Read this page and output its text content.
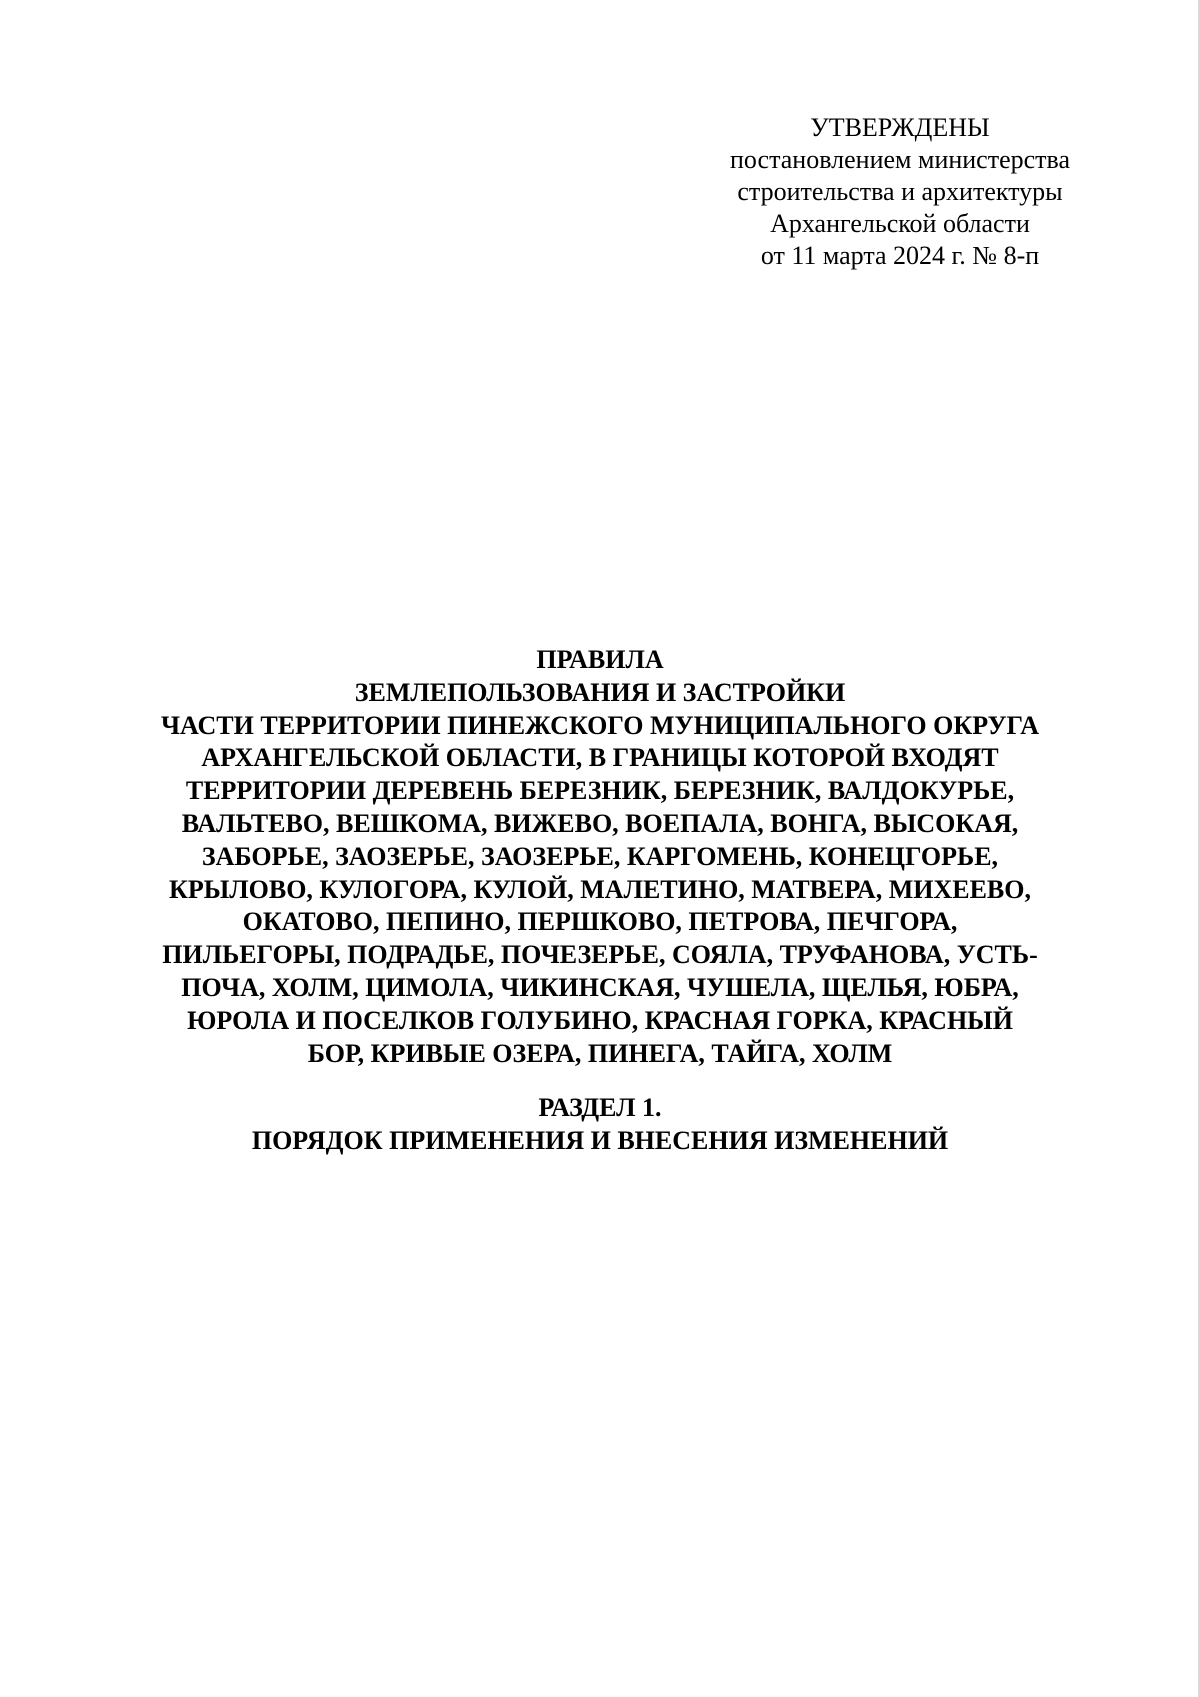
УТВЕРЖДЕНЫ
постановлением министерства
строительства и архитектуры
Архангельской области
от 11 марта 2024 г. № 8-п
ПРАВИЛА
ЗЕМЛЕПОЛЬЗОВАНИЯ И ЗАСТРОЙКИ
ЧАСТИ ТЕРРИТОРИИ ПИНЕЖСКОГО МУНИЦИПАЛЬНОГО ОКРУГА
АРХАНГЕЛЬСКОЙ ОБЛАСТИ, В ГРАНИЦЫ КОТОРОЙ ВХОДЯТ
ТЕРРИТОРИИ ДЕРЕВЕНЬ БЕРЕЗНИК, БЕРЕЗНИК, ВАЛДОКУРЬЕ,
ВАЛЬТЕВО, ВЕШКОМА, ВИЖЕВО, ВОЕПАЛА, ВОНГА, ВЫСОКАЯ,
ЗАБОРЬЕ, ЗАОЗЕРЬЕ, ЗАОЗЕРЬЕ, КАРГОМЕНЬ, КОНЕЦГОРЬЕ,
КРЫЛОВО, КУЛОГОРА, КУЛОЙ, МАЛЕТИНО, МАТВЕРА, МИХЕЕВО,
ОКАТОВО, ПЕПИНО, ПЕРШКОВО, ПЕТРОВА, ПЕЧГОРА,
ПИЛЬЕГОРЫ, ПОДРАДЬЕ, ПОЧЕЗЕРЬЕ, СОЯЛА, ТРУФАНОВА, УСТЬ-
ПОЧА, ХОЛМ, ЦИМОЛА, ЧИКИНСКАЯ, ЧУШЕЛА, ЩЕЛЬЯ, ЮБРА,
ЮРОЛА И ПОСЕЛКОВ ГОЛУБИНО, КРАСНАЯ ГОРКА, КРАСНЫЙ
БОР, КРИВЫЕ ОЗЕРА, ПИНЕГА, ТАЙГА, ХОЛМ
РАЗДЕЛ 1.
ПОРЯДОК ПРИМЕНЕНИЯ И ВНЕСЕНИЯ ИЗМЕНЕНИЙ
